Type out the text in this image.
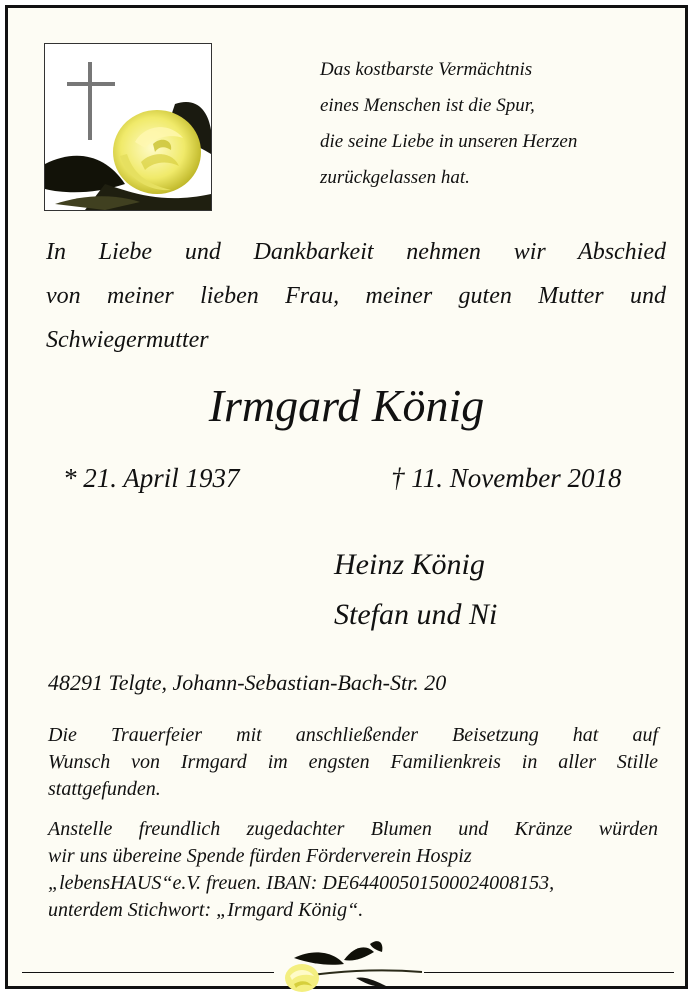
Das kostbarste Vermächtnis
eines Menschen ist die Spur,
die seine Liebe in unseren Herzen
zurückgelassen hat.
In Liebe und Dankbarkeit nehmen wir Abschied
von meiner lieben Frau, meiner guten Mutter und
Schwiegermutter
Irmgard König
* 21. April 1937	† 11. November 2018
Heinz König
Stefan und Ni
48291 Telgte, Johann-Sebastian-Bach-Str. 20
Die Trauerfeier mit anschließender Beisetzung hat auf
Wunsch von Irmgard im engsten Familienkreis in aller Stille
stattgefunden.
Anstelle freundlich zugedachter Blumen und Kränze würden
wir uns übereine Spende fürden Förderverein Hospiz
„lebensHAUS“e.V. freuen. IBAN: DE64400501500024008153,
unterdem Stichwort: „Irmgard König“.
